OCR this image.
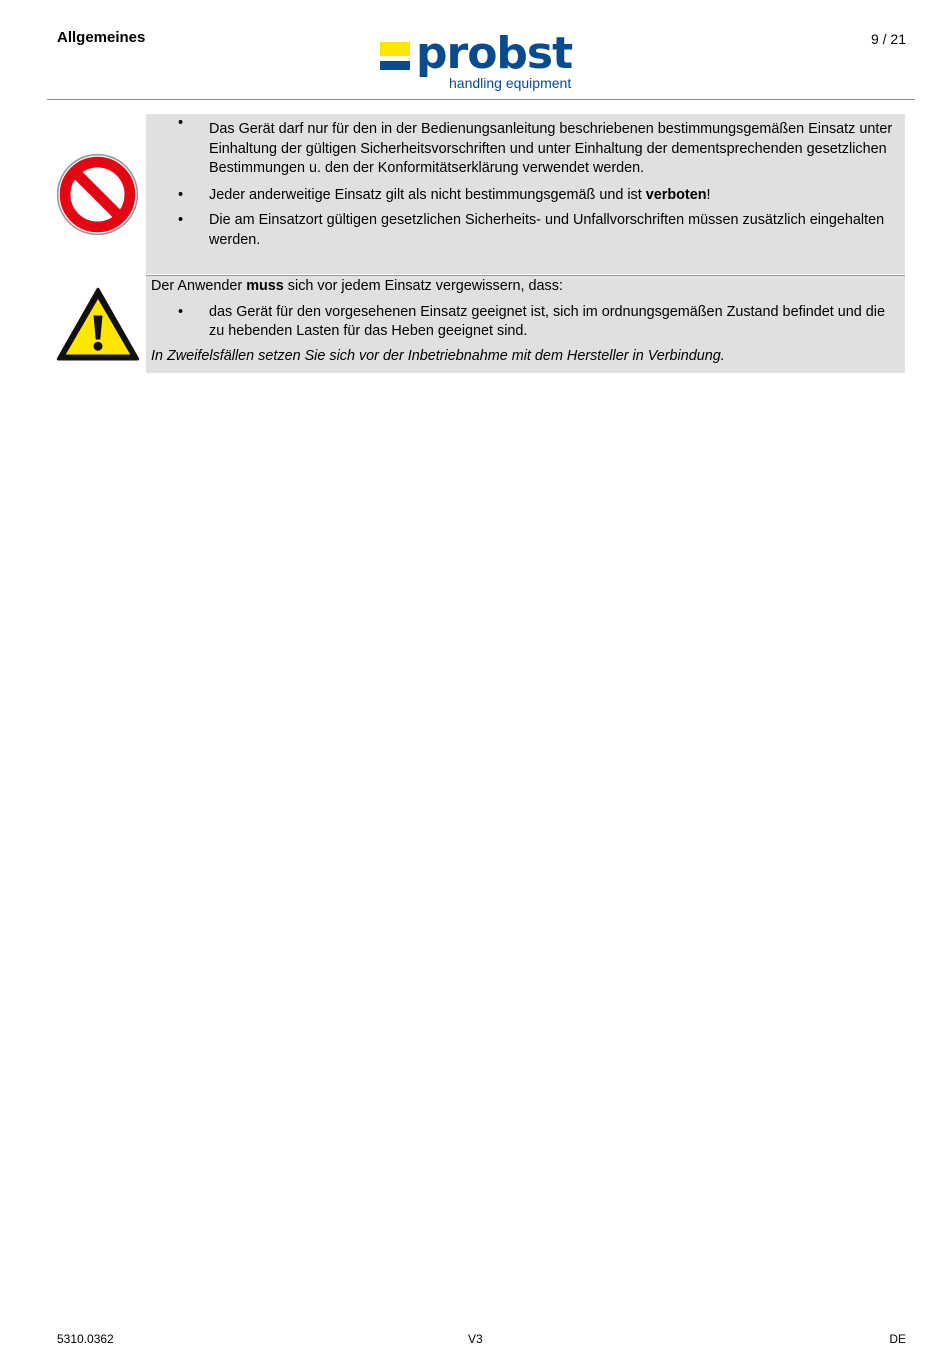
Allgemeines	probst
handling equipment
9 / 21
• Das Gerät darf nur für den in der Bedienungsanleitung beschriebenen bestimmungsgemäßen Einsatz unter Einhaltung der gültigen Sicherheitsvorschriften und unter Einhaltung der dementsprechenden gesetzlichen Bestimmungen u. den der Konformitätserklärung verwendet werden.
• Jeder anderweitige Einsatz gilt als nicht bestimmungsgemäß und ist verboten!
• Die am Einsatzort gültigen gesetzlichen Sicherheits- und Unfallvorschriften müssen zusätzlich eingehalten werden.
Der Anwender muss sich vor jedem Einsatz vergewissern, dass:
• das Gerät für den vorgesehenen Einsatz geeignet ist, sich im ordnungsgemäßen Zustand befindet und die zu hebenden Lasten für das Heben geeignet sind.
In Zweifelsfällen setzen Sie sich vor der Inbetriebnahme mit dem Hersteller in Verbindung.
5310.0362	V3	DE
